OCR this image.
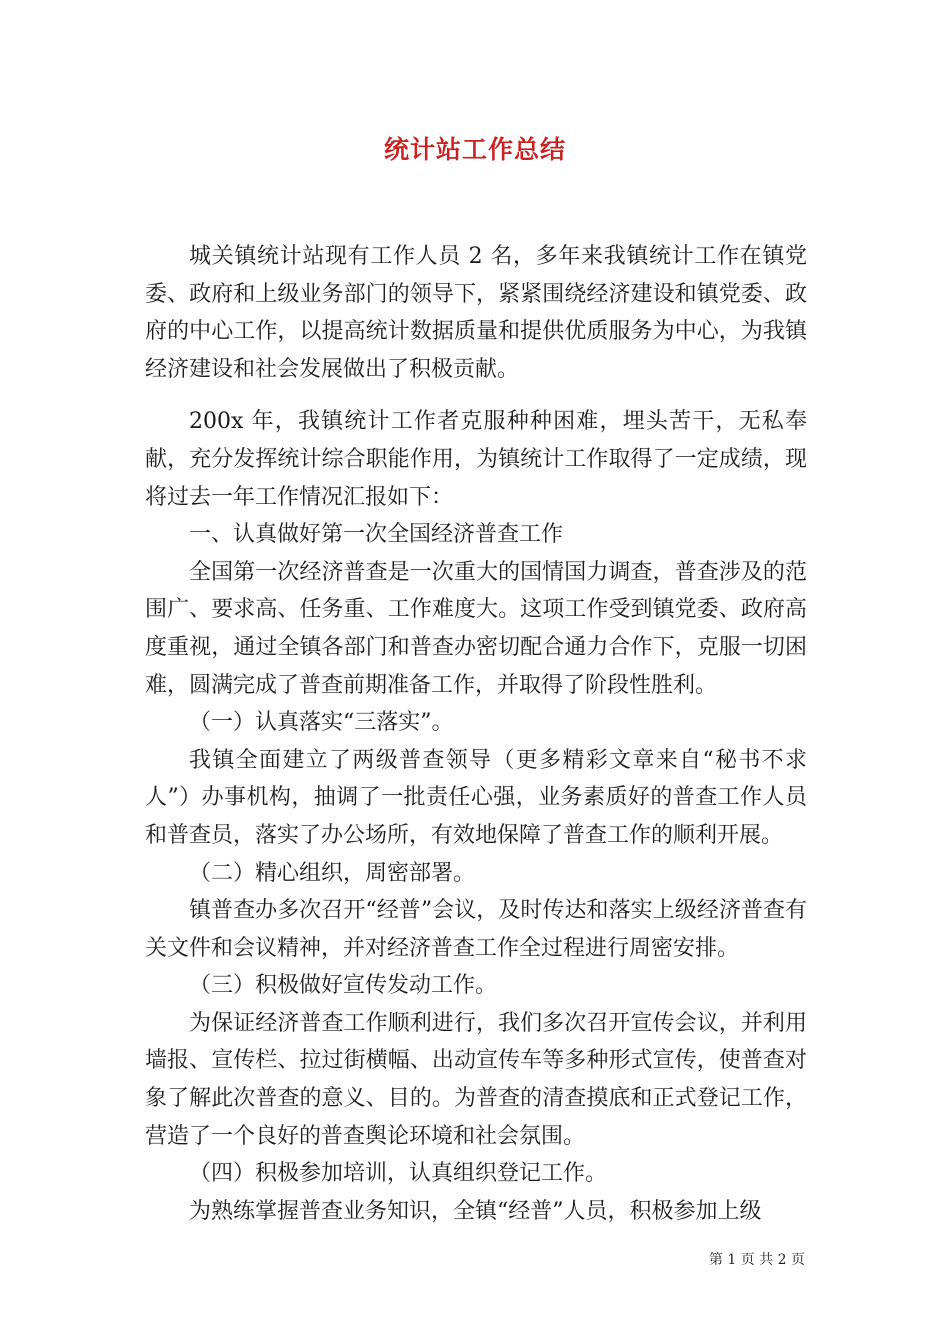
统计站工作总结

城关镇统计站现有工作人员 2 名，多年来我镇统计工作在镇党委、政府和上级业务部门的领导下，紧紧围绕经济建设和镇党委、政府的中心工作，以提高统计数据质量和提供优质服务为中心，为我镇经济建设和社会发展做出了积极贡献。

200x 年，我镇统计工作者克服种种困难，埋头苦干，无私奉献，充分发挥统计综合职能作用，为镇统计工作取得了一定成绩，现将过去一年工作情况汇报如下：

一、认真做好第一次全国经济普查工作

全国第一次经济普查是一次重大的国情国力调查，普查涉及的范围广、要求高、任务重、工作难度大。这项工作受到镇党委、政府高度重视，通过全镇各部门和普查办密切配合通力合作下，克服一切困难，圆满完成了普查前期准备工作，并取得了阶段性胜利。

（一）认真落实“三落实”。

我镇全面建立了两级普查领导（更多精彩文章来自“秘书不求人”）办事机构，抽调了一批责任心强，业务素质好的普查工作人员和普查员，落实了办公场所，有效地保障了普查工作的顺利开展。

（二）精心组织，周密部署。

镇普查办多次召开“经普”会议，及时传达和落实上级经济普查有关文件和会议精神，并对经济普查工作全过程进行周密安排。

（三）积极做好宣传发动工作。

为保证经济普查工作顺利进行，我们多次召开宣传会议，并利用墙报、宣传栏、拉过街横幅、出动宣传车等多种形式宣传，使普查对象了解此次普查的意义、目的。为普查的清查摸底和正式登记工作，营造了一个良好的普查舆论环境和社会氛围。

（四）积极参加培训，认真组织登记工作。

为熟练掌握普查业务知识，全镇“经普”人员，积极参加上级

第 1 页 共 2 页
